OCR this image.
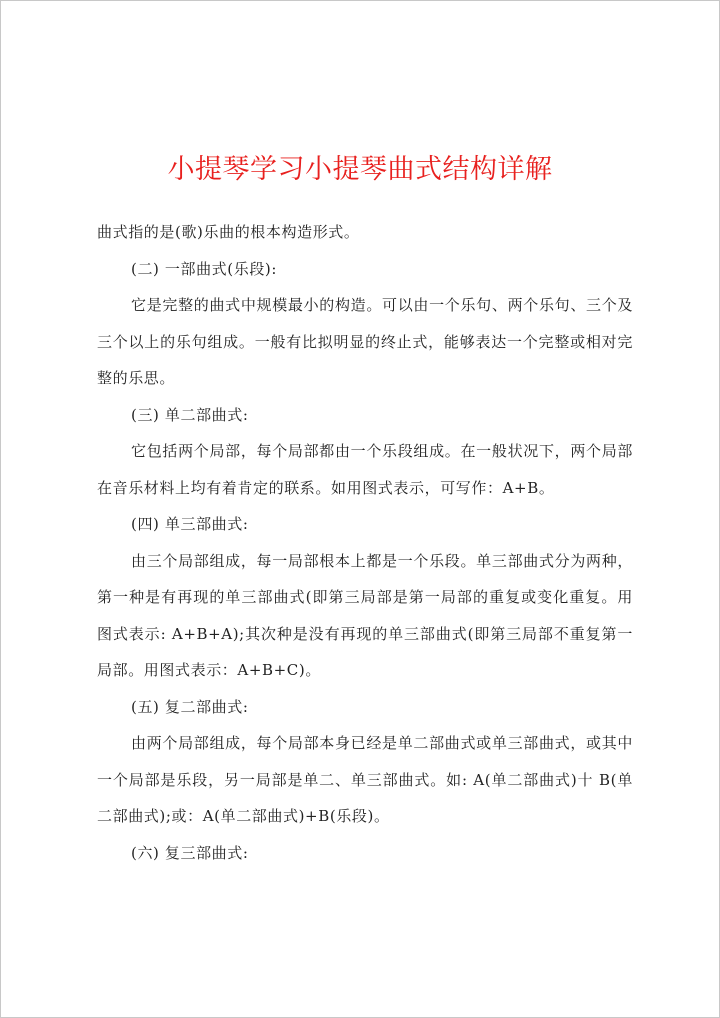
小提琴学习小提琴曲式结构详解

曲式指的是(歌)乐曲的根本构造形式。

(二) 一部曲式(乐段):

它是完整的曲式中规模最小的构造。可以由一个乐句、两个乐句、三个及三个以上的乐句组成。一般有比拟明显的终止式，能够表达一个完整或相对完整的乐思。

(三) 单二部曲式:

它包括两个局部，每个局部都由一个乐段组成。在一般状况下，两个局部在音乐材料上均有着肯定的联系。如用图式表示，可写作：A+B。

(四) 单三部曲式:

由三个局部组成，每一局部根本上都是一个乐段。单三部曲式分为两种，第一种是有再现的单三部曲式(即第三局部是第一局部的重复或变化重复。用图式表示: A+B+A);其次种是没有再现的单三部曲式(即第三局部不重复第一局部。用图式表示：A+B+C)。

(五) 复二部曲式:

由两个局部组成，每个局部本身已经是单二部曲式或单三部曲式，或其中一个局部是乐段，另一局部是单二、单三部曲式。如: A(单二部曲式)十 B(单二部曲式);或：A(单二部曲式)+B(乐段)。

(六) 复三部曲式:
